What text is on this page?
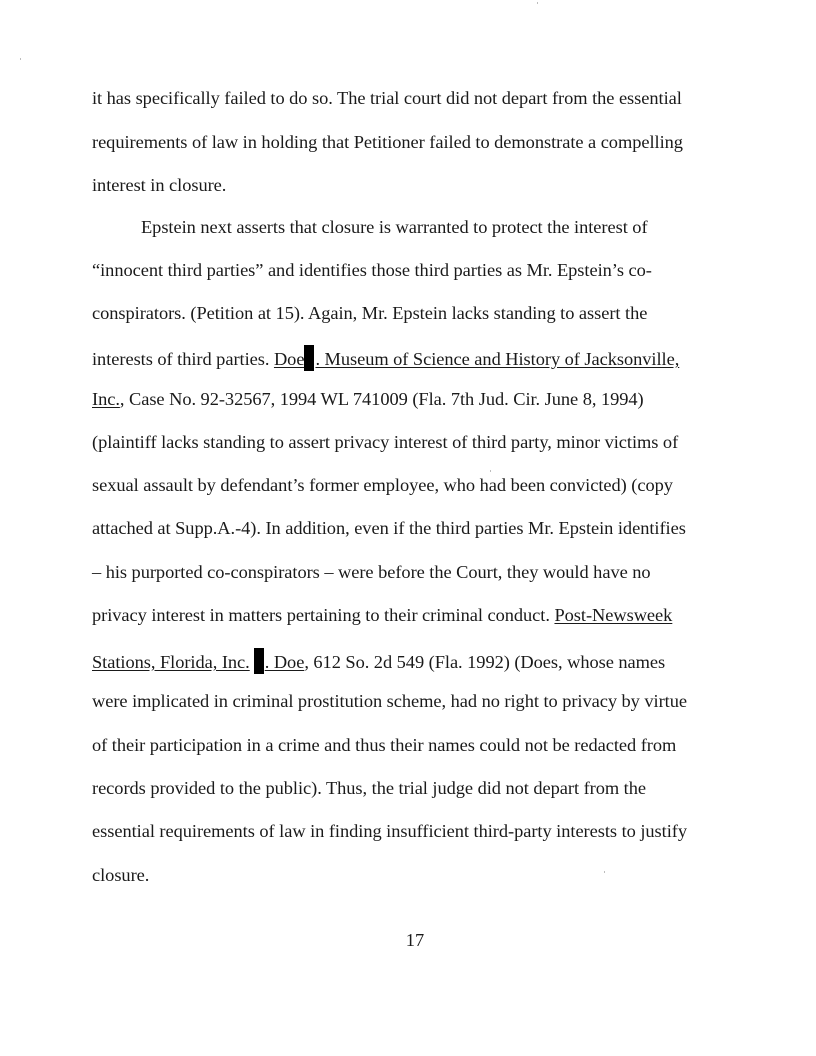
it has specifically failed to do so. The trial court did not depart from the essential
requirements of law in holding that Petitioner failed to demonstrate a compelling
interest in closure.
Epstein next asserts that closure is warranted to protect the interest of
“innocent third parties” and identifies those third parties as Mr. Epstein’s co-
conspirators. (Petition at 15). Again, Mr. Epstein lacks standing to assert the
interests of third parties. Doe . Museum of Science and History of Jacksonville,
Inc., Case No. 92-32567, 1994 WL 741009 (Fla. 7th Jud. Cir. June 8, 1994)
(plaintiff lacks standing to assert privacy interest of third party, minor victims of
sexual assault by defendant’s former employee, who had been convicted) (copy
attached at Supp.A.-4). In addition, even if the third parties Mr. Epstein identifies
– his purported co-conspirators – were before the Court, they would have no
privacy interest in matters pertaining to their criminal conduct. Post-Newsweek
Stations, Florida, Inc. . Doe, 612 So. 2d 549 (Fla. 1992) (Does, whose names
were implicated in criminal prostitution scheme, had no right to privacy by virtue
of their participation in a crime and thus their names could not be redacted from
records provided to the public). Thus, the trial judge did not depart from the
essential requirements of law in finding insufficient third-party interests to justify
closure.
17
